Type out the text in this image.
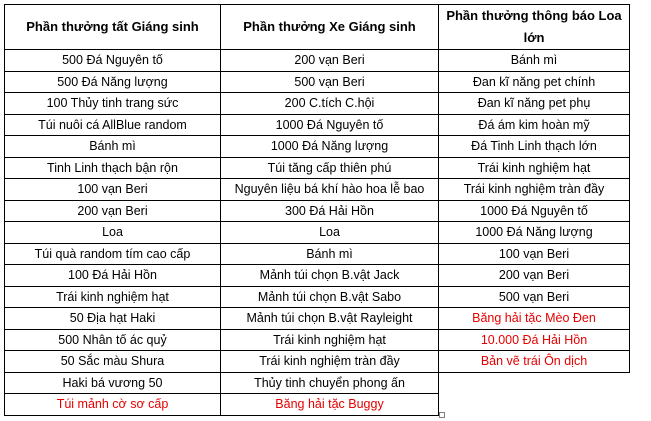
Phần thưởng tất Giáng sinh	Phần thưởng Xe Giáng sinh	Phần thưởng thông báo Loa lớn
500 Đá Nguyên tố	200 vạn Beri	Bánh mì
500 Đá Năng lượng	500 vạn Beri	Đan kĩ năng pet chính
100 Thủy tinh trang sức	200 C.tích C.hội	Đan kĩ năng pet phụ
Túi nuôi cá AllBlue random	1000 Đá Nguyên tố	Đá ám kim hoàn mỹ
Bánh mì	1000 Đá Năng lượng	Đá Tinh Linh thạch lớn
Tinh Linh thạch bận rộn	Túi tăng cấp thiên phú	Trái kinh nghiệm hạt
100 vạn Beri	Nguyên liệu bá khí hào hoa lễ bao	Trái kinh nghiệm tràn đầy
200 vạn Beri	300 Đá Hải Hồn	1000 Đá Nguyên tố
Loa	Loa	1000 Đá Năng lượng
Túi quà random tím cao cấp	Bánh mì	100 vạn Beri
100 Đá Hải Hồn	Mảnh túi chọn B.vật Jack	200 vạn Beri
Trái kinh nghiệm hạt	Mảnh túi chọn B.vật Sabo	500 vạn Beri
50 Địa hạt Haki	Mảnh túi chọn B.vật Rayleight	Băng hải tặc Mèo Đen
500 Nhân tố ác quỷ	Trái kinh nghiệm hạt	10.000 Đá Hải Hồn
50 Sắc màu Shura	Trái kinh nghiệm tràn đầy	Bản vẽ trái Ôn dịch
Haki bá vương 50	Thủy tinh chuyển phong ấn	
Túi mảnh cờ sơ cấp	Băng hải tặc Buggy	
